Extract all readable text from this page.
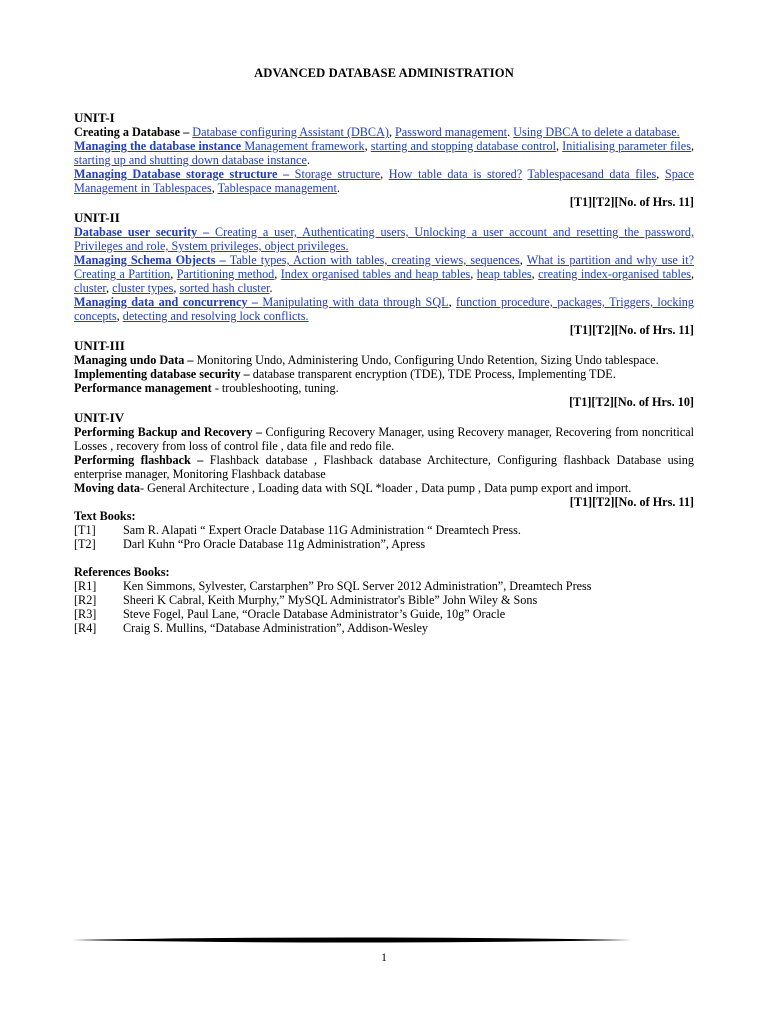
ADVANCED DATABASE ADMINISTRATION
UNIT-I

Creating a Database – Database configuring Assistant (DBCA), Password management. Using DBCA to delete a database.

Managing the database instance Management framework, starting and stopping database control, Initialising parameter files, starting up and shutting down database instance.

Managing Database storage structure – Storage structure, How table data is stored? Tablespacesand data files, Space Management in Tablespaces, Tablespace management.

[T1][T2][No. of Hrs. 11]
UNIT-II

Database user security – Creating a user, Authenticating users, Unlocking a user account and resetting the password, Privileges and role, System privileges, object privileges.

Managing Schema Objects – Table types, Action with tables, creating views, sequences, What is partition and why use it? Creating a Partition, Partitioning method, Index organised tables and heap tables, heap tables, creating index-organised tables, cluster, cluster types, sorted hash cluster.

Managing data and concurrency – Manipulating with data through SQL, function procedure, packages, Triggers, locking concepts, detecting and resolving lock conflicts.

[T1][T2][No. of Hrs. 11]
UNIT-III

Managing undo Data – Monitoring Undo, Administering Undo, Configuring Undo Retention, Sizing Undo tablespace.

Implementing database security – database transparent encryption (TDE), TDE Process, Implementing TDE.

Performance management - troubleshooting, tuning.

[T1][T2][No. of Hrs. 10]
UNIT-IV

Performing Backup and Recovery – Configuring Recovery Manager, using Recovery manager, Recovering from noncritical Losses , recovery from loss of control file , data file and redo file.

Performing flashback – Flashback database , Flashback database Architecture, Configuring flashback Database using enterprise manager, Monitoring Flashback database

Moving data- General Architecture , Loading data with SQL *loader , Data pump , Data pump export and import.

[T1][T2][No. of Hrs. 11]
Text Books:
[T1]	Sam R. Alapati “ Expert Oracle Database 11G Administration “ Dreamtech Press.
[T2]	Darl Kuhn “Pro Oracle Database 11g Administration”, Apress
References Books:
[R1]	Ken Simmons, Sylvester, Carstarphen” Pro SQL Server 2012 Administration”, Dreamtech Press
[R2]	Sheeri K Cabral, Keith Murphy,” MySQL Administrator's Bible” John Wiley & Sons
[R3]	Steve Fogel, Paul Lane, “Oracle Database Administrator’s Guide, 10g” Oracle
[R4]	Craig S. Mullins, “Database Administration”, Addison-Wesley
1
